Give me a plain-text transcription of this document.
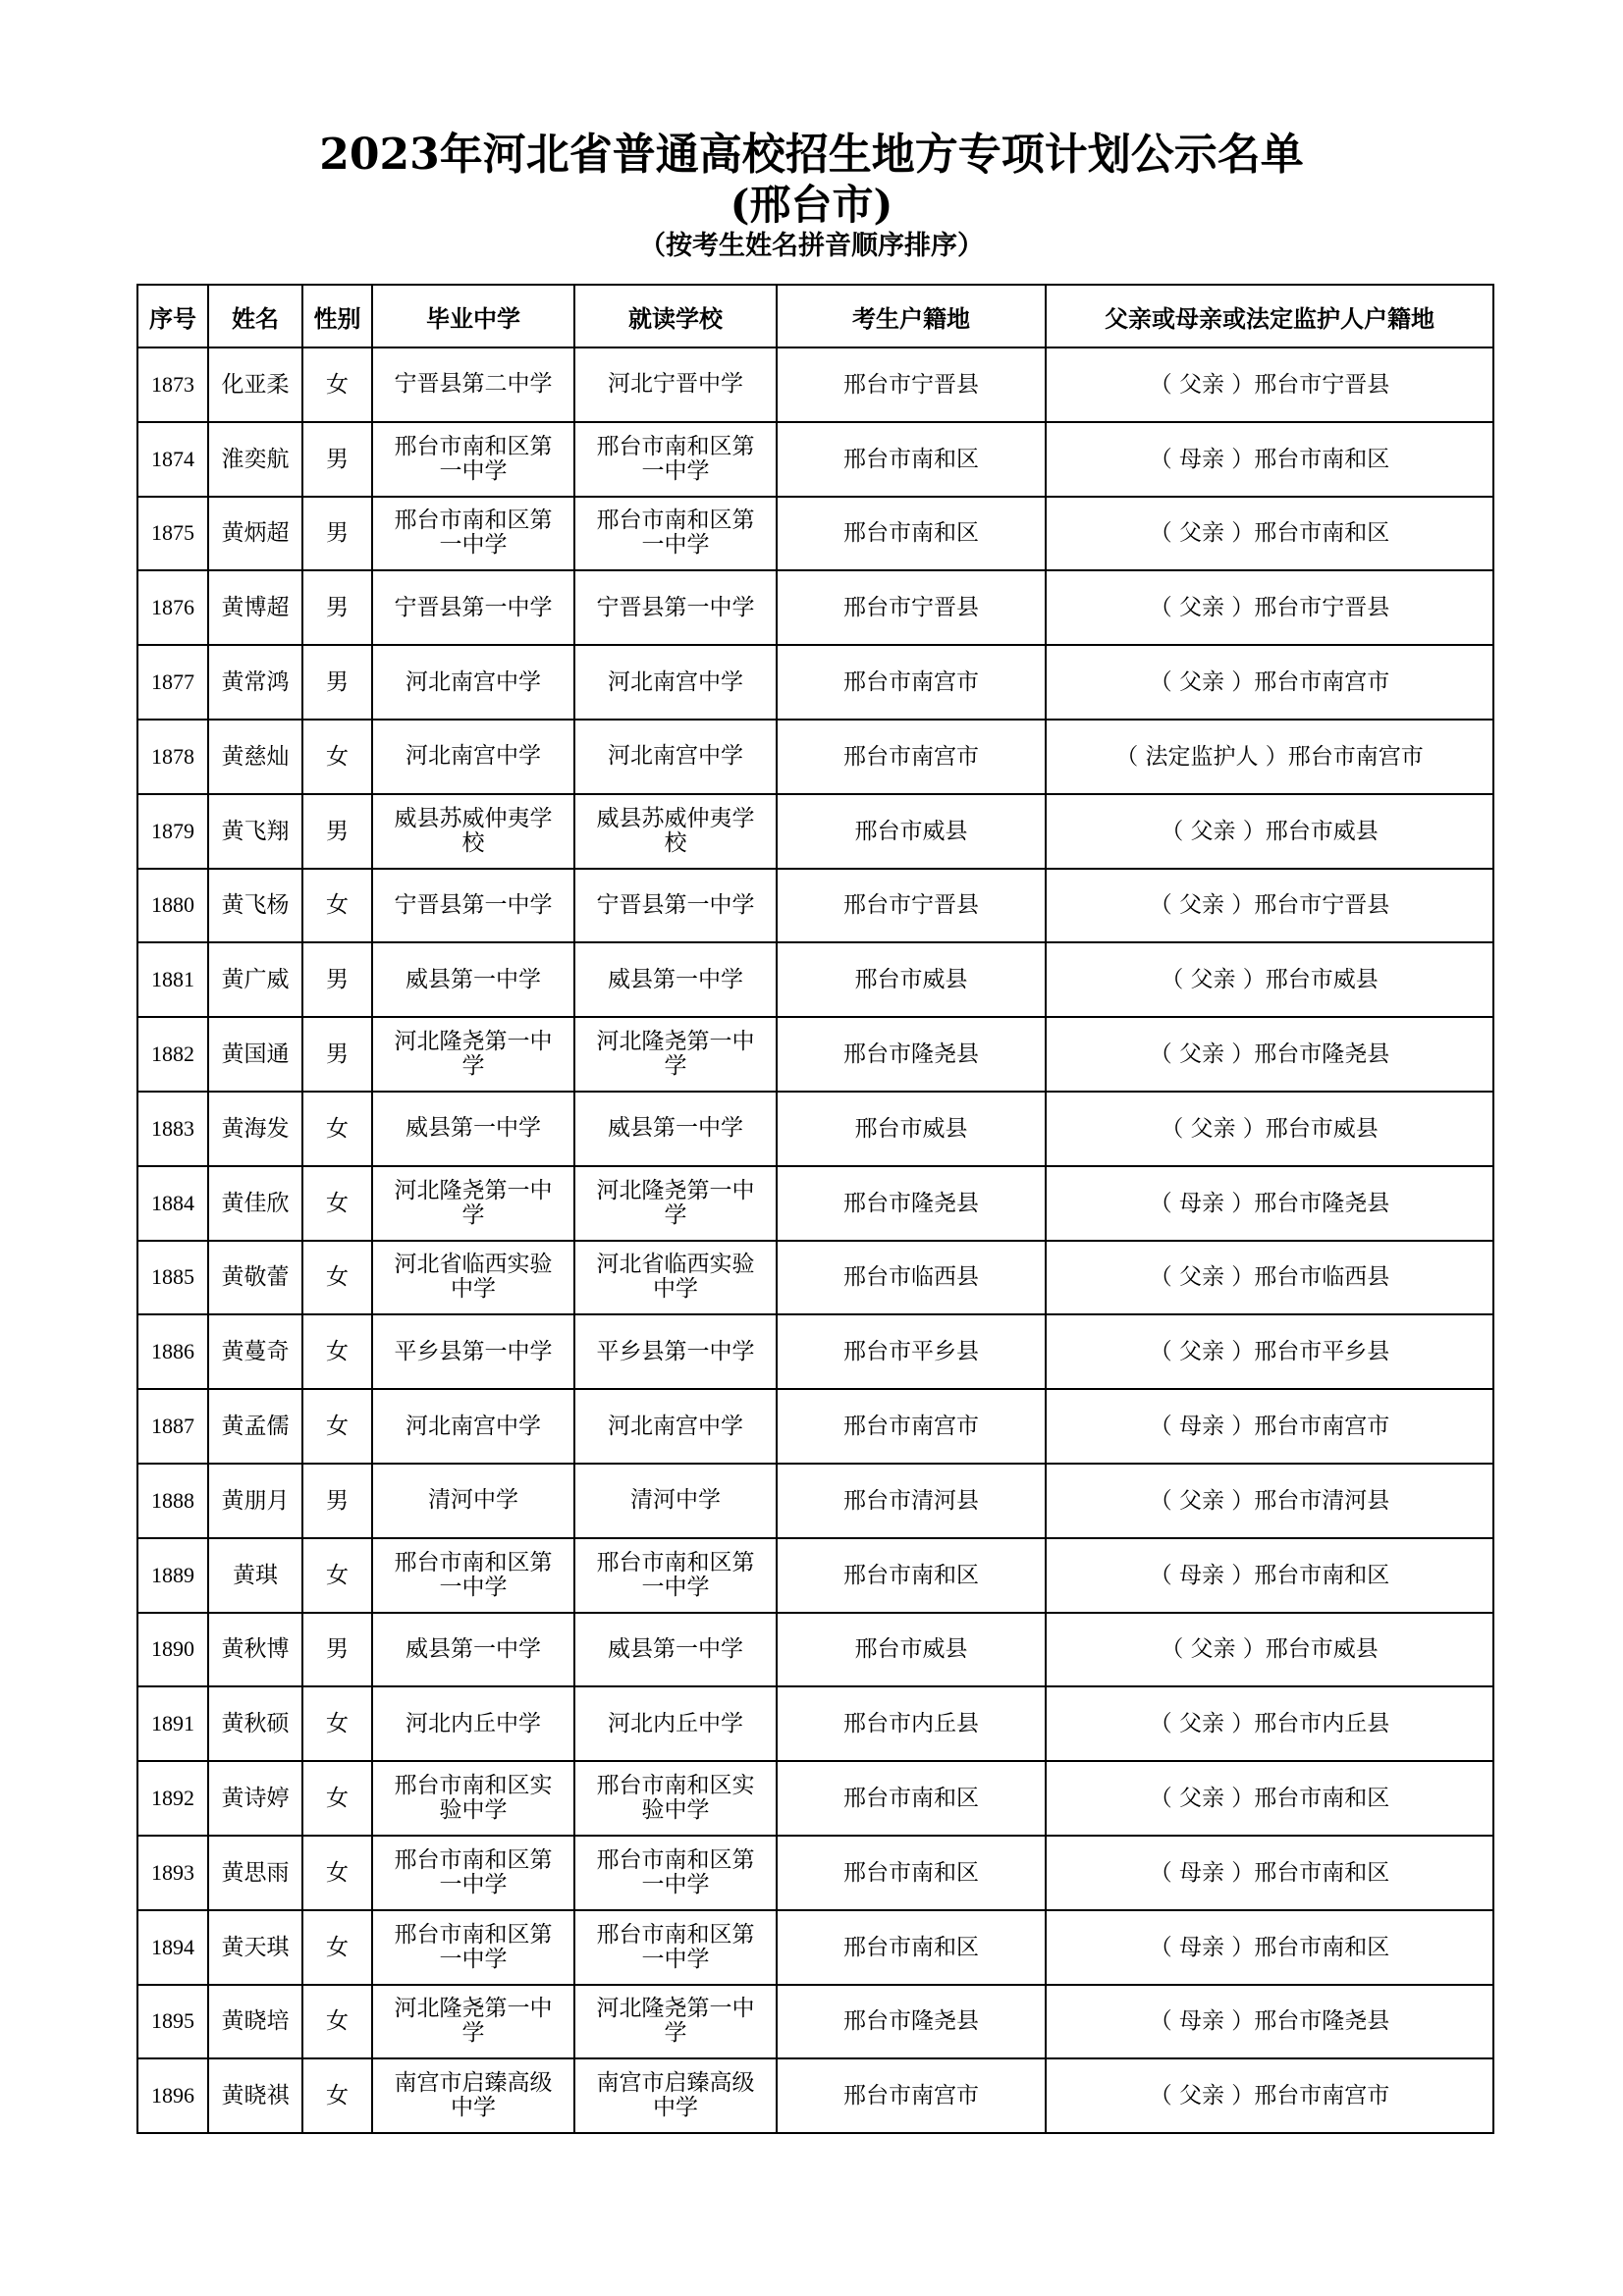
2023年河北省普通高校招生地方专项计划公示名单
(邢台市)

（按考生姓名拼音顺序排序）

序号	姓名	性别	毕业中学	就读学校	考生户籍地	父亲或母亲或法定监护人户籍地
1873	化亚柔	女	宁晋县第二中学	河北宁晋中学	邢台市宁晋县	（ 父亲 ）邢台市宁晋县
1874	淮奕航	男	邢台市南和区第一中学	邢台市南和区第一中学	邢台市南和区	（ 母亲 ）邢台市南和区
1875	黄炳超	男	邢台市南和区第一中学	邢台市南和区第一中学	邢台市南和区	（ 父亲 ）邢台市南和区
1876	黄博超	男	宁晋县第一中学	宁晋县第一中学	邢台市宁晋县	（ 父亲 ）邢台市宁晋县
1877	黄常鸿	男	河北南宫中学	河北南宫中学	邢台市南宫市	（ 父亲 ）邢台市南宫市
1878	黄慈灿	女	河北南宫中学	河北南宫中学	邢台市南宫市	（ 法定监护人 ）邢台市南宫市
1879	黄飞翔	男	威县苏威仲夷学校	威县苏威仲夷学校	邢台市威县	（ 父亲 ）邢台市威县
1880	黄飞杨	女	宁晋县第一中学	宁晋县第一中学	邢台市宁晋县	（ 父亲 ）邢台市宁晋县
1881	黄广威	男	威县第一中学	威县第一中学	邢台市威县	（ 父亲 ）邢台市威县
1882	黄国通	男	河北隆尧第一中学	河北隆尧第一中学	邢台市隆尧县	（ 父亲 ）邢台市隆尧县
1883	黄海发	女	威县第一中学	威县第一中学	邢台市威县	（ 父亲 ）邢台市威县
1884	黄佳欣	女	河北隆尧第一中学	河北隆尧第一中学	邢台市隆尧县	（ 母亲 ）邢台市隆尧县
1885	黄敬蕾	女	河北省临西实验中学	河北省临西实验中学	邢台市临西县	（ 父亲 ）邢台市临西县
1886	黄蔓奇	女	平乡县第一中学	平乡县第一中学	邢台市平乡县	（ 父亲 ）邢台市平乡县
1887	黄孟儒	女	河北南宫中学	河北南宫中学	邢台市南宫市	（ 母亲 ）邢台市南宫市
1888	黄朋月	男	清河中学	清河中学	邢台市清河县	（ 父亲 ）邢台市清河县
1889	黄琪	女	邢台市南和区第一中学	邢台市南和区第一中学	邢台市南和区	（ 母亲 ）邢台市南和区
1890	黄秋博	男	威县第一中学	威县第一中学	邢台市威县	（ 父亲 ）邢台市威县
1891	黄秋硕	女	河北内丘中学	河北内丘中学	邢台市内丘县	（ 父亲 ）邢台市内丘县
1892	黄诗婷	女	邢台市南和区实验中学	邢台市南和区实验中学	邢台市南和区	（ 父亲 ）邢台市南和区
1893	黄思雨	女	邢台市南和区第一中学	邢台市南和区第一中学	邢台市南和区	（ 母亲 ）邢台市南和区
1894	黄天琪	女	邢台市南和区第一中学	邢台市南和区第一中学	邢台市南和区	（ 母亲 ）邢台市南和区
1895	黄晓培	女	河北隆尧第一中学	河北隆尧第一中学	邢台市隆尧县	（ 母亲 ）邢台市隆尧县
1896	黄晓祺	女	南宫市启臻高级中学	南宫市启臻高级中学	邢台市南宫市	（ 父亲 ）邢台市南宫市
